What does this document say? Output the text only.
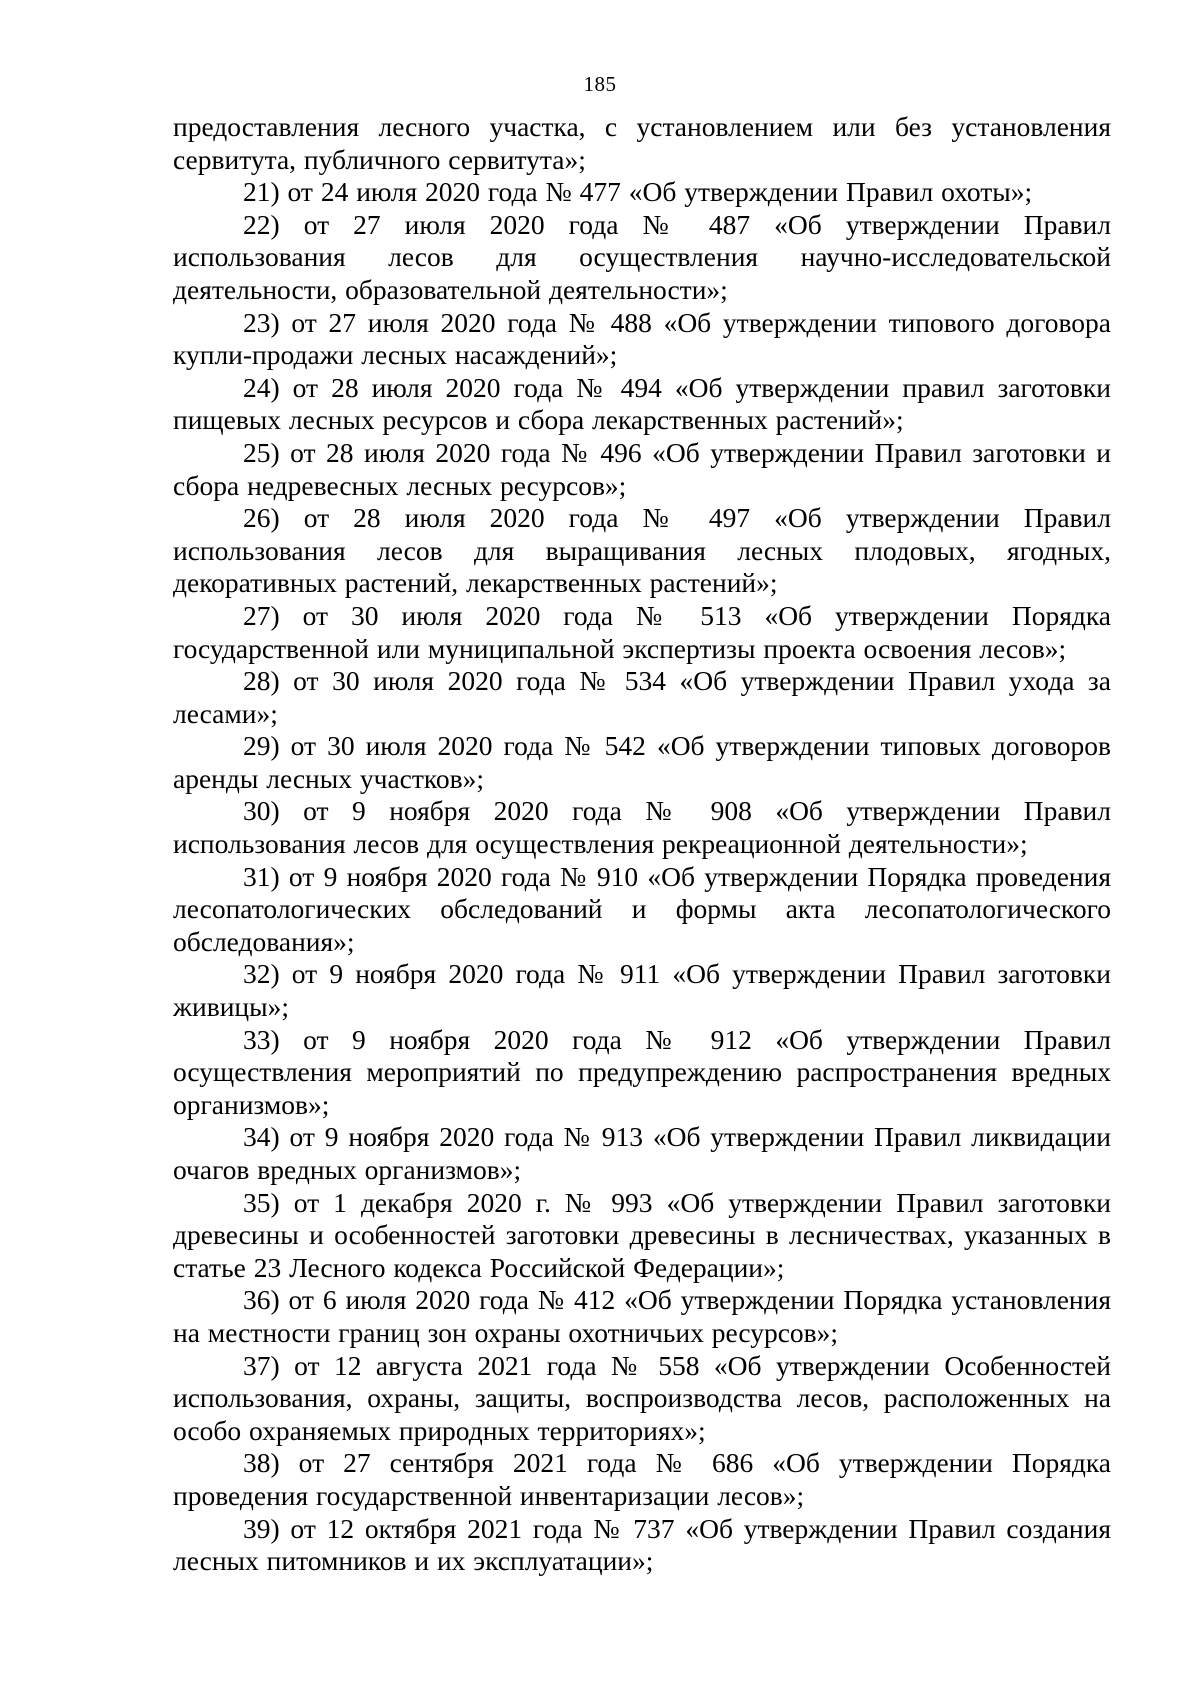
185

предоставления лесного участка, с установлением или без установления сервитута, публичного сервитута»;

21) от 24 июля 2020 года № 477 «Об утверждении Правил охоты»;

22) от 27 июля 2020 года № 487 «Об утверждении Правил использования лесов для осуществления научно-исследовательской деятельности, образовательной деятельности»;

23) от 27 июля 2020 года № 488 «Об утверждении типового договора купли-продажи лесных насаждений»;

24) от 28 июля 2020 года № 494 «Об утверждении правил заготовки пищевых лесных ресурсов и сбора лекарственных растений»;

25) от 28 июля 2020 года № 496 «Об утверждении Правил заготовки и сбора недревесных лесных ресурсов»;

26) от 28 июля 2020 года № 497 «Об утверждении Правил использования лесов для выращивания лесных плодовых, ягодных, декоративных растений, лекарственных растений»;

27) от 30 июля 2020 года № 513 «Об утверждении Порядка государственной или муниципальной экспертизы проекта освоения лесов»;

28) от 30 июля 2020 года № 534 «Об утверждении Правил ухода за лесами»;

29) от 30 июля 2020 года № 542 «Об утверждении типовых договоров аренды лесных участков»;

30) от 9 ноября 2020 года № 908 «Об утверждении Правил использования лесов для осуществления рекреационной деятельности»;

31) от 9 ноября 2020 года № 910 «Об утверждении Порядка проведения лесопатологических обследований и формы акта лесопатологического обследования»;

32) от 9 ноября 2020 года № 911 «Об утверждении Правил заготовки живицы»;

33) от 9 ноября 2020 года № 912 «Об утверждении Правил осуществления мероприятий по предупреждению распространения вредных организмов»;

34) от 9 ноября 2020 года № 913 «Об утверждении Правил ликвидации очагов вредных организмов»;

35) от 1 декабря 2020 г. № 993 «Об утверждении Правил заготовки древесины и особенностей заготовки древесины в лесничествах, указанных в статье 23 Лесного кодекса Российской Федерации»;

36) от 6 июля 2020 года № 412 «Об утверждении Порядка установления на местности границ зон охраны охотничьих ресурсов»;

37) от 12 августа 2021 года № 558 «Об утверждении Особенностей использования, охраны, защиты, воспроизводства лесов, расположенных на особо охраняемых природных территориях»;

38) от 27 сентября 2021 года № 686 «Об утверждении Порядка проведения государственной инвентаризации лесов»;

39) от 12 октября 2021 года № 737 «Об утверждении Правил создания лесных питомников и их эксплуатации»;
